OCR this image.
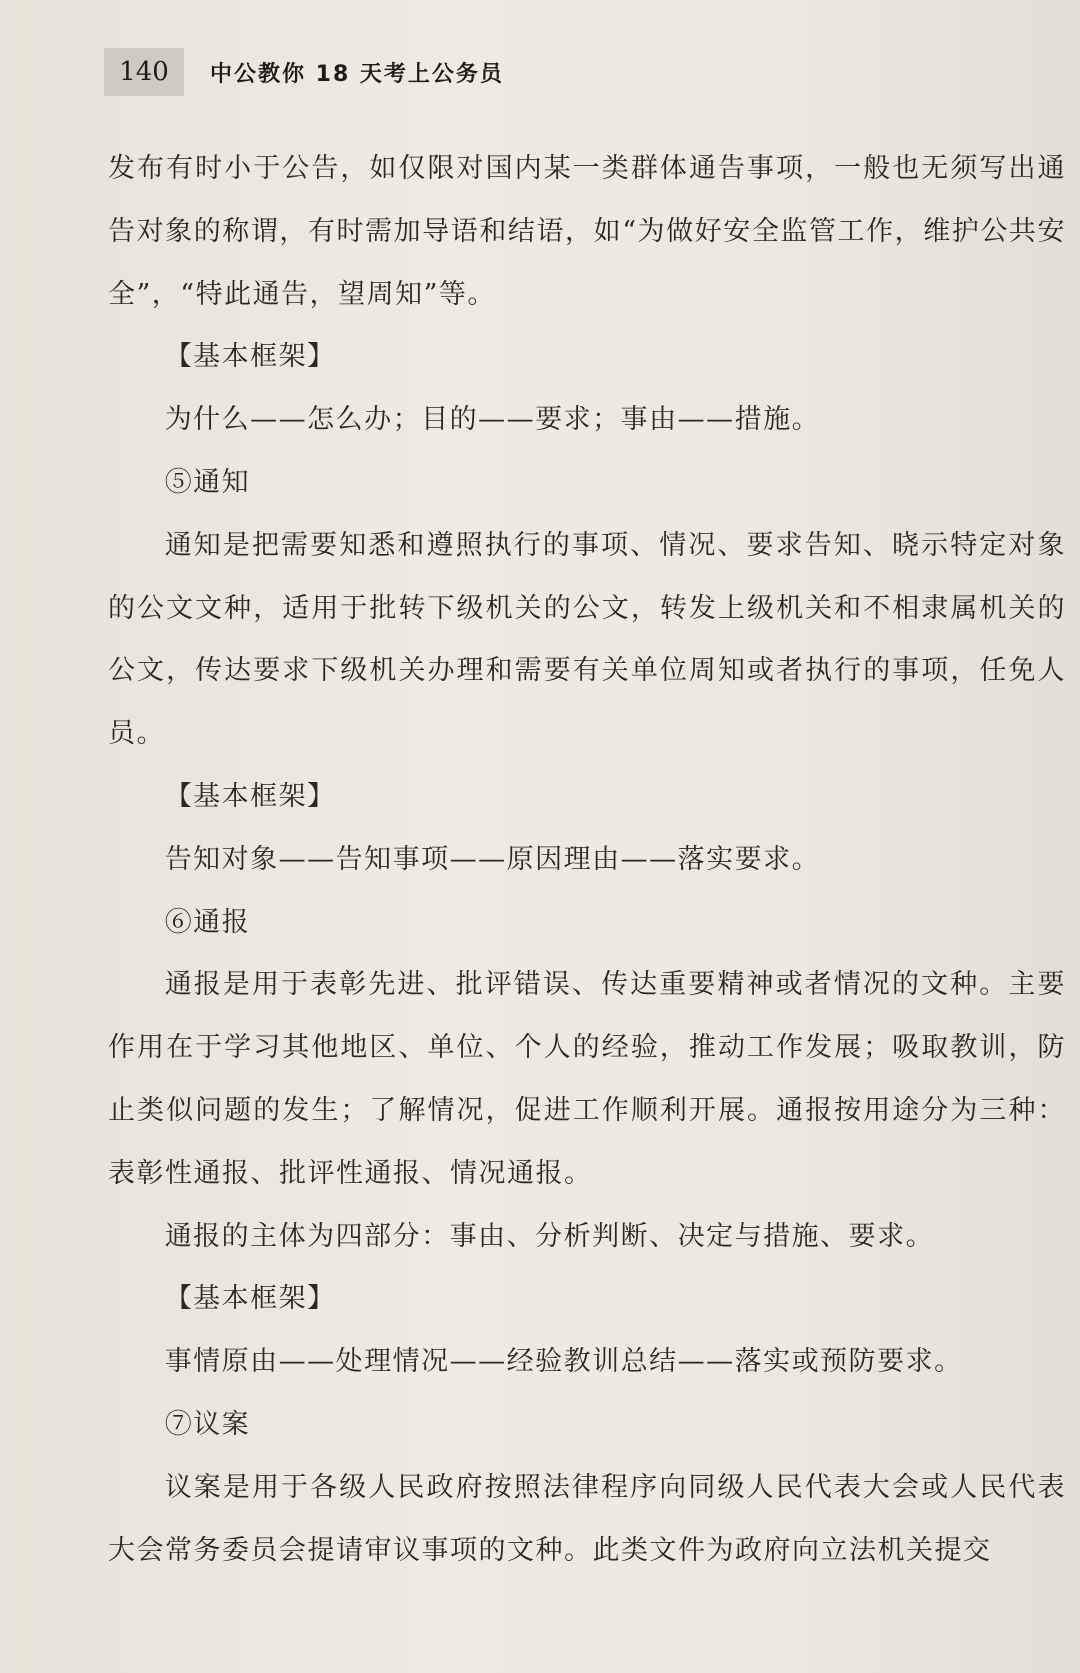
140	中公教你 18 天考上公务员

发布有时小于公告，如仅限对国内某一类群体通告事项，一般也无须写出通告对象的称谓，有时需加导语和结语，如“为做好安全监管工作，维护公共安全”，“特此通告，望周知”等。

【基本框架】

为什么——怎么办；目的——要求；事由——措施。

⑤通知

通知是把需要知悉和遵照执行的事项、情况、要求告知、晓示特定对象的公文文种，适用于批转下级机关的公文，转发上级机关和不相隶属机关的公文，传达要求下级机关办理和需要有关单位周知或者执行的事项，任免人员。

【基本框架】

告知对象——告知事项——原因理由——落实要求。

⑥通报

通报是用于表彰先进、批评错误、传达重要精神或者情况的文种。主要作用在于学习其他地区、单位、个人的经验，推动工作发展；吸取教训，防止类似问题的发生；了解情况，促进工作顺利开展。通报按用途分为三种：表彰性通报、批评性通报、情况通报。

通报的主体为四部分：事由、分析判断、决定与措施、要求。

【基本框架】

事情原由——处理情况——经验教训总结——落实或预防要求。

⑦议案

议案是用于各级人民政府按照法律程序向同级人民代表大会或人民代表大会常务委员会提请审议事项的文种。此类文件为政府向立法机关提交
